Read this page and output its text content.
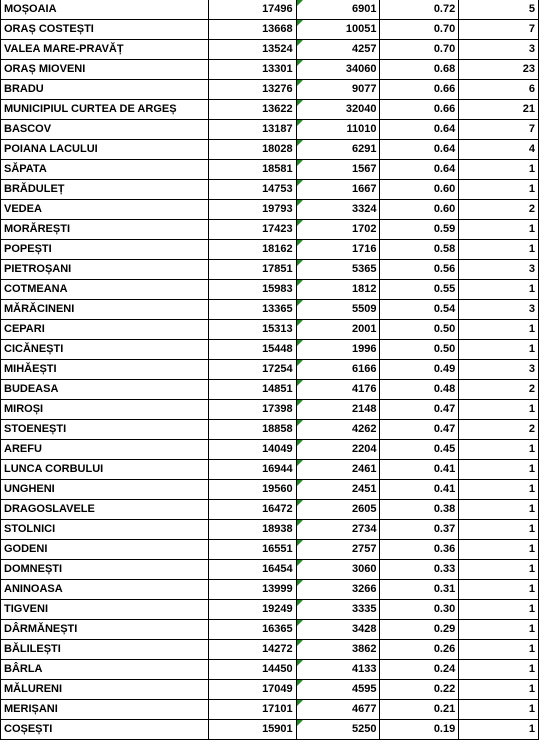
MOȘOAIA	17496	6901	0.72	5
ORAȘ COSTEȘTI	13668	10051	0.70	7
VALEA MARE-PRAVĂȚ	13524	4257	0.70	3
ORAȘ MIOVENI	13301	34060	0.68	23
BRADU	13276	9077	0.66	6
MUNICIPIUL CURTEA DE ARGEȘ	13622	32040	0.66	21
BASCOV	13187	11010	0.64	7
POIANA LACULUI	18028	6291	0.64	4
SĂPATA	18581	1567	0.64	1
BRĂDULEȚ	14753	1667	0.60	1
VEDEA	19793	3324	0.60	2
MORĂREȘTI	17423	1702	0.59	1
POPEȘTI	18162	1716	0.58	1
PIETROȘANI	17851	5365	0.56	3
COTMEANA	15983	1812	0.55	1
MĂRĂCINENI	13365	5509	0.54	3
CEPARI	15313	2001	0.50	1
CICĂNEȘTI	15448	1996	0.50	1
MIHĂEȘTI	17254	6166	0.49	3
BUDEASA	14851	4176	0.48	2
MIROȘI	17398	2148	0.47	1
STOENEȘTI	18858	4262	0.47	2
AREFU	14049	2204	0.45	1
LUNCA CORBULUI	16944	2461	0.41	1
UNGHENI	19560	2451	0.41	1
DRAGOSLAVELE	16472	2605	0.38	1
STOLNICI	18938	2734	0.37	1
GODENI	16551	2757	0.36	1
DOMNEȘTI	16454	3060	0.33	1
ANINOASA	13999	3266	0.31	1
TIGVENI	19249	3335	0.30	1
DÂRMĂNEȘTI	16365	3428	0.29	1
BĂLILEȘTI	14272	3862	0.26	1
BÂRLA	14450	4133	0.24	1
MĂLURENI	17049	4595	0.22	1
MERIȘANI	17101	4677	0.21	1
COȘEȘTI	15901	5250	0.19	1
